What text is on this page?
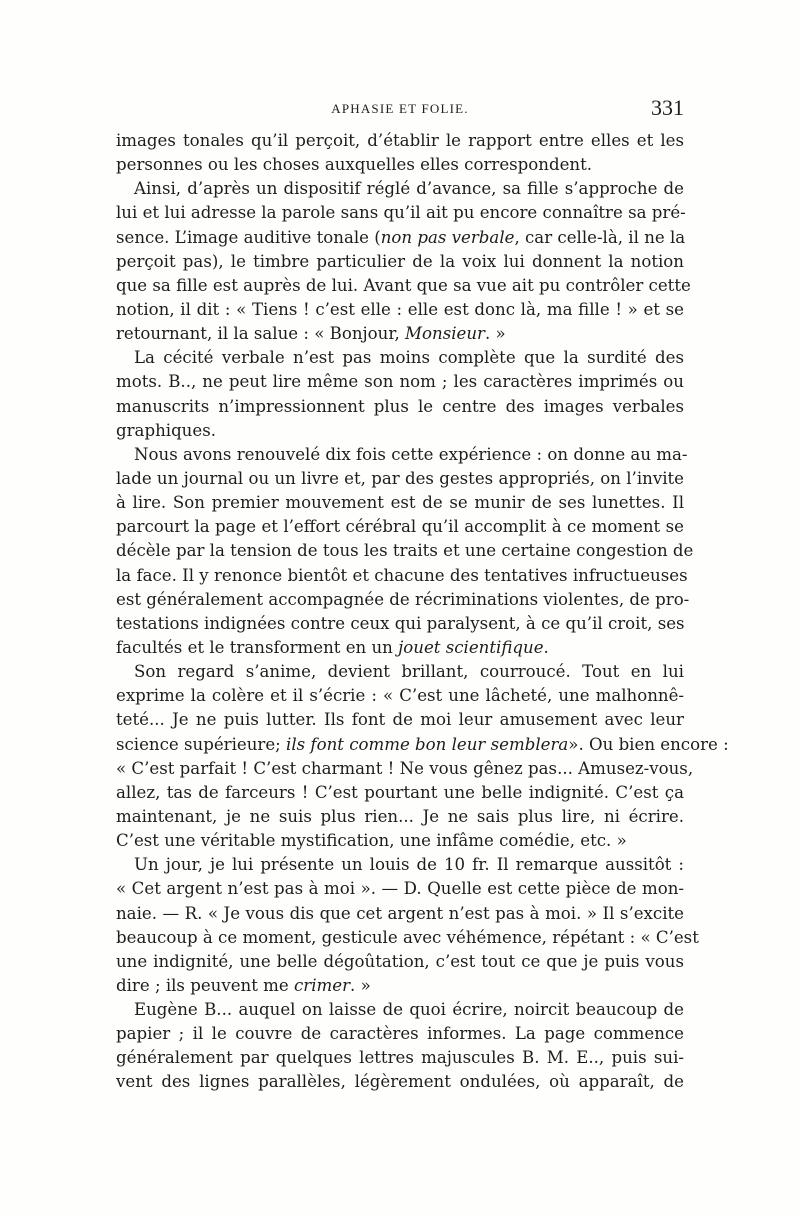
APHASIE ET FOLIE.	331
images tonales qu’il perçoit, d’établir le rapport entre elles et les
personnes ou les choses auxquelles elles correspondent.
Ainsi, d’après un dispositif réglé d’avance, sa fille s’approche de
lui et lui adresse la parole sans qu’il ait pu encore connaître sa pré-
sence. L’image auditive tonale (non pas verbale, car celle-là, il ne la
perçoit pas), le timbre particulier de la voix lui donnent la notion
que sa fille est auprès de lui. Avant que sa vue ait pu contrôler cette
notion, il dit : « Tiens ! c’est elle : elle est donc là, ma fille ! » et se
retournant, il la salue : « Bonjour, Monsieur. »
La cécité verbale n’est pas moins complète que la surdité des
mots. B.., ne peut lire même son nom ; les caractères imprimés ou
manuscrits n’impressionnent plus le centre des images verbales
graphiques.
Nous avons renouvelé dix fois cette expérience : on donne au ma-
lade un journal ou un livre et, par des gestes appropriés, on l’invite
à lire. Son premier mouvement est de se munir de ses lunettes. Il
parcourt la page et l’effort cérébral qu’il accomplit à ce moment se
décèle par la tension de tous les traits et une certaine congestion de
la face. Il y renonce bientôt et chacune des tentatives infructueuses
est généralement accompagnée de récriminations violentes, de pro-
testations indignées contre ceux qui paralysent, à ce qu’il croit, ses
facultés et le transforment en un jouet scientifique.
Son regard s’anime, devient brillant, courroucé. Tout en lui
exprime la colère et il s’écrie : « C’est une lâcheté, une malhonnê-
teté... Je ne puis lutter. Ils font de moi leur amusement avec leur
science supérieure; ils font comme bon leur semblera». Ou bien encore :
« C’est parfait ! C’est charmant ! Ne vous gênez pas... Amusez-vous,
allez, tas de farceurs ! C’est pourtant une belle indignité. C’est ça
maintenant, je ne suis plus rien... Je ne sais plus lire, ni écrire.
C’est une véritable mystification, une infâme comédie, etc. »
Un jour, je lui présente un louis de 10 fr. Il remarque aussitôt :
« Cet argent n’est pas à moi ». — D. Quelle est cette pièce de mon-
naie. — R. « Je vous dis que cet argent n’est pas à moi. » Il s’excite
beaucoup à ce moment, gesticule avec véhémence, répétant : « C’est
une indignité, une belle dégoûtation, c’est tout ce que je puis vous
dire ; ils peuvent me crimer. »
Eugène B... auquel on laisse de quoi écrire, noircit beaucoup de
papier ; il le couvre de caractères informes. La page commence
généralement par quelques lettres majuscules B. M. E.., puis sui-
vent des lignes parallèles, légèrement ondulées, où apparaît, de
